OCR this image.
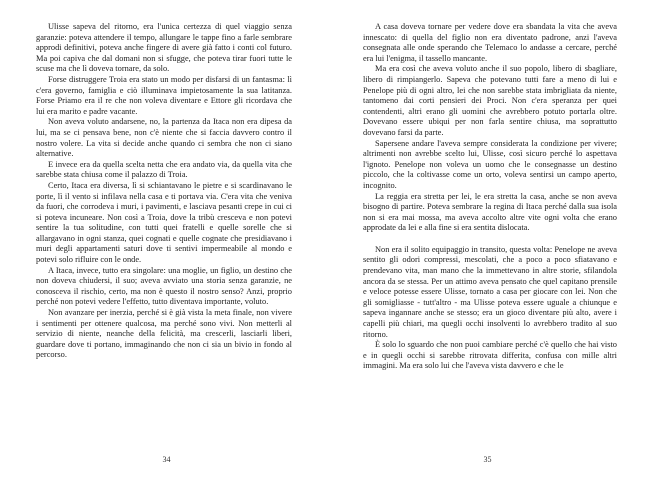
Ulisse sapeva del ritorno, era l'unica certezza di quel viaggio senza garanzie: poteva attendere il tempo, allungare le tappe fino a farle sembrare approdi definitivi, poteva anche fingere di avere già fatto i conti col futuro. Ma poi capiva che dal domani non si sfugge, che poteva tirar fuori tutte le scuse ma che lì doveva tornare, da solo.

Forse distruggere Troia era stato un modo per disfarsi di un fantasma: lì c'era governo, famiglia e ciò illuminava impietosamente la sua latitanza. Forse Priamo era il re che non voleva diventare e Ettore gli ricordava che lui era marito e padre vacante.

Non aveva voluto andarsene, no, la partenza da Itaca non era dipesa da lui, ma se ci pensava bene, non c'è niente che si faccia davvero contro il nostro volere. La vita si decide anche quando ci sembra che non ci siano alternative.

E invece era da quella scelta netta che era andato via, da quella vita che sarebbe stata chiusa come il palazzo di Troia.

Certo, Itaca era diversa, lì si schiantavano le pietre e si scardinavano le porte, lì il vento si infilava nella casa e ti portava via. C'era vita che veniva da fuori, che corrodeva i muri, i pavimenti, e lasciava pesanti crepe in cui ci si poteva incuneare. Non così a Troia, dove la tribù cresceva e non potevi sentire la tua solitudine, con tutti quei fratelli e quelle sorelle che si allargavano in ogni stanza, quei cognati e quelle cognate che presidiavano i muri degli appartamenti saturi dove ti sentivi impermeabile al mondo e potevi solo rifluire con le onde.

A Itaca, invece, tutto era singolare: una moglie, un figlio, un destino che non doveva chiudersi, il suo; aveva avviato una storia senza garanzie, ne conosceva il rischio, certo, ma non è questo il nostro senso? Anzi, proprio perché non potevi vedere l'effetto, tutto diventava importante, voluto.

Non avanzare per inerzia, perché si è già vista la meta finale, non vivere i sentimenti per ottenere qualcosa, ma perché sono vivi. Non metterli al servizio di niente, neanche della felicità, ma crescerli, lasciarli liberi, guardare dove ti portano, immaginando che non ci sia un bivio in fondo al percorso.

34

A casa doveva tornare per vedere dove era sbandata la vita che aveva innescato: di quella del figlio non era diventato padrone, anzi l'aveva consegnata alle onde sperando che Telemaco lo andasse a cercare, perché era lui l'enigma, il tassello mancante.

Ma era così che aveva voluto anche il suo popolo, libero di sbagliare, libero di rimpiangerlo. Sapeva che potevano tutti fare a meno di lui e Penelope più di ogni altro, lei che non sarebbe stata imbrigliata da niente, tantomeno dai corti pensieri dei Proci. Non c'era speranza per quei contendenti, altri erano gli uomini che avrebbero potuto portarla oltre. Dovevano essere ubiqui per non farla sentire chiusa, ma soprattutto dovevano farsi da parte.

Sapersene andare l'aveva sempre considerata la condizione per vivere; altrimenti non avrebbe scelto lui, Ulisse, così sicuro perché lo aspettava l'ignoto. Penelope non voleva un uomo che le consegnasse un destino piccolo, che la coltivasse come un orto, voleva sentirsi un campo aperto, incognito.

La reggia era stretta per lei, le era stretta la casa, anche se non aveva bisogno di partire. Poteva sembrare la regina di Itaca perché dalla sua isola non si era mai mossa, ma aveva accolto altre vite ogni volta che erano approdate da lei e alla fine si era sentita dislocata.

Non era il solito equipaggio in transito, questa volta: Penelope ne aveva sentito gli odori compressi, mescolati, che a poco a poco sfiatavano e prendevano vita, man mano che la immettevano in altre storie, sfilandola ancora da se stessa. Per un attimo aveva pensato che quel capitano prensile e veloce potesse essere Ulisse, tornato a casa per giocare con lei. Non che gli somigliasse - tutt'altro - ma Ulisse poteva essere uguale a chiunque e sapeva ingannare anche se stesso; era un gioco diventare più alto, avere i capelli più chiari, ma quegli occhi insolventi lo avrebbero tradito al suo ritorno.

È solo lo sguardo che non puoi cambiare perché c'è quello che hai visto e in quegli occhi si sarebbe ritrovata differita, confusa con mille altri immagini. Ma era solo lui che l'aveva vista davvero e che le

35
